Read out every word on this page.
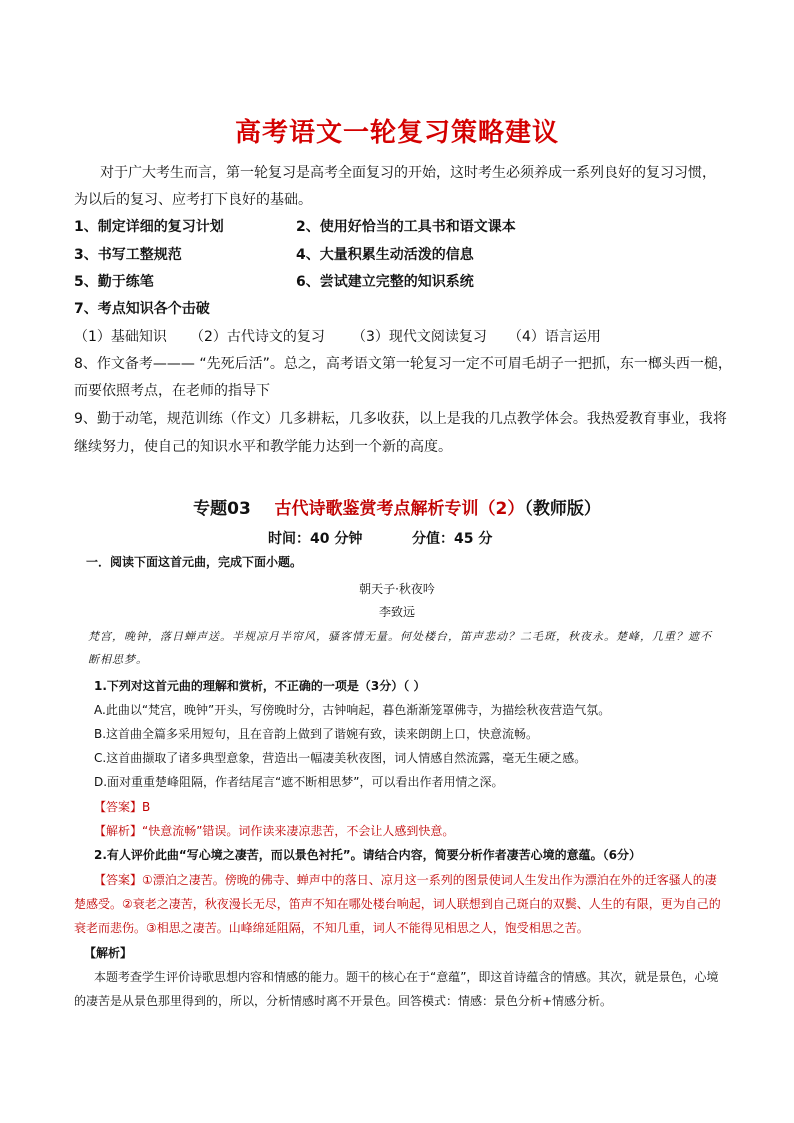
高考语文一轮复习策略建议
对于广大考生而言，第一轮复习是高考全面复习的开始，这时考生必须养成一系列良好的复习习惯，
为以后的复习、应考打下良好的基础。
1、制定详细的复习计划	2、使用好恰当的工具书和语文课本
3、书写工整规范	4、大量积累生动活泼的信息
5、勤于练笔	6、尝试建立完整的知识系统
7、考点知识各个击破
（1）基础知识 （2）古代诗文的复习 （3）现代文阅读复习 （4）语言运用
8、作文备考——— “先死后活”。总之，高考语文第一轮复习一定不可眉毛胡子一把抓，东一榔头西一槌，
而要依照考点，在老师的指导下
9、勤于动笔，规范训练（作文）几多耕耘，几多收获，以上是我的几点教学体会。我热爱教育事业，我将
继续努力，使自己的知识水平和教学能力达到一个新的高度。
专题03 古代诗歌鉴赏考点解析专训（2）（教师版）
时间：40 分钟	分值：45 分
一．阅读下面这首元曲，完成下面小题。
朝天子·秋夜吟
李致远
梵宫，晚钟，落日蝉声送。半规凉月半帘风，骚客情无量。何处楼台，笛声悲动？二毛斑，秋夜永。楚峰，几重？遮不
断相思梦。
1.下列对这首元曲的理解和赏析，不正确的一项是（3分）（ ）
A.此曲以“梵宫，晚钟”开头，写傍晚时分，古钟响起，暮色渐渐笼罩佛寺，为描绘秋夜营造气氛。
B.这首曲全篇多采用短句，且在音韵上做到了谐婉有致，读来朗朗上口，快意流畅。
C.这首曲撷取了诸多典型意象，营造出一幅凄美秋夜图，词人情感自然流露，毫无生硬之感。
D.面对重重楚峰阻隔，作者结尾言“遮不断相思梦”，可以看出作者用情之深。
【答案】B
【解析】“快意流畅”错误。词作读来凄凉悲苦，不会让人感到快意。
2.有人评价此曲“写心境之凄苦，而以景色衬托”。请结合内容，简要分析作者凄苦心境的意蕴。（6分）
【答案】①漂泊之凄苦。傍晚的佛寺、蝉声中的落日、凉月这一系列的图景使词人生发出作为漂泊在外的迁客骚人的凄
楚感受。②衰老之凄苦，秋夜漫长无尽，笛声不知在哪处楼台响起，词人联想到自己斑白的双鬓、人生的有限，更为自己的
衰老而悲伤。③相思之凄苦。山峰绵延阻隔，不知几重，词人不能得见相思之人，饱受相思之苦。
【解析】
本题考查学生评价诗歌思想内容和情感的能力。题干的核心在于“意蕴”，即这首诗蕴含的情感。其次，就是景色，心境
的凄苦是从景色那里得到的，所以，分析情感时离不开景色。回答模式：情感：景色分析+情感分析。
